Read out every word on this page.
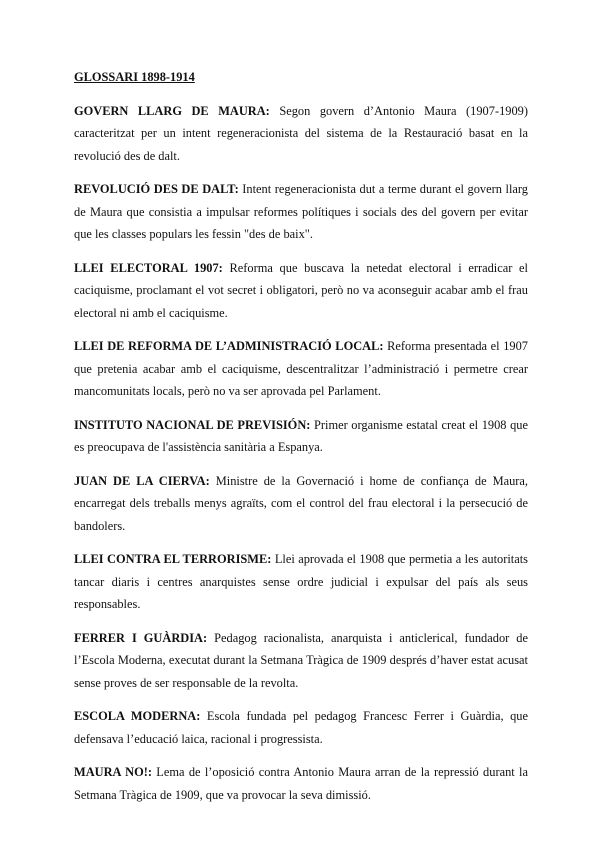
GLOSSARI 1898-1914
GOVERN LLARG DE MAURA: Segon govern d’Antonio Maura (1907-1909) caracteritzat per un intent regeneracionista del sistema de la Restauració basat en la revolució des de dalt.
REVOLUCIÓ DES DE DALT: Intent regeneracionista dut a terme durant el govern llarg de Maura que consistia a impulsar reformes polítiques i socials des del govern per evitar que les classes populars les fessin "des de baix".
LLEI ELECTORAL 1907: Reforma que buscava la netedat electoral i erradicar el caciquisme, proclamant el vot secret i obligatori, però no va aconseguir acabar amb el frau electoral ni amb el caciquisme.
LLEI DE REFORMA DE L’ADMINISTRACIÓ LOCAL: Reforma presentada el 1907 que pretenia acabar amb el caciquisme, descentralitzar l’administració i permetre crear mancomunitats locals, però no va ser aprovada pel Parlament.
INSTITUTO NACIONAL DE PREVISIÓN: Primer organisme estatal creat el 1908 que es preocupava de l'assistència sanitària a Espanya.
JUAN DE LA CIERVA: Ministre de la Governació i home de confiança de Maura, encarregat dels treballs menys agraïts, com el control del frau electoral i la persecució de bandolers.
LLEI CONTRA EL TERRORISME: Llei aprovada el 1908 que permetia a les autoritats tancar diaris i centres anarquistes sense ordre judicial i expulsar del país als seus responsables.
FERRER I GUÀRDIA: Pedagog racionalista, anarquista i anticlerical, fundador de l’Escola Moderna, executat durant la Setmana Tràgica de 1909 després d’haver estat acusat sense proves de ser responsable de la revolta.
ESCOLA MODERNA: Escola fundada pel pedagog Francesc Ferrer i Guàrdia, que defensava l’educació laica, racional i progressista.
MAURA NO!: Lema de l’oposició contra Antonio Maura arran de la repressió durant la Setmana Tràgica de 1909, que va provocar la seva dimissió.
